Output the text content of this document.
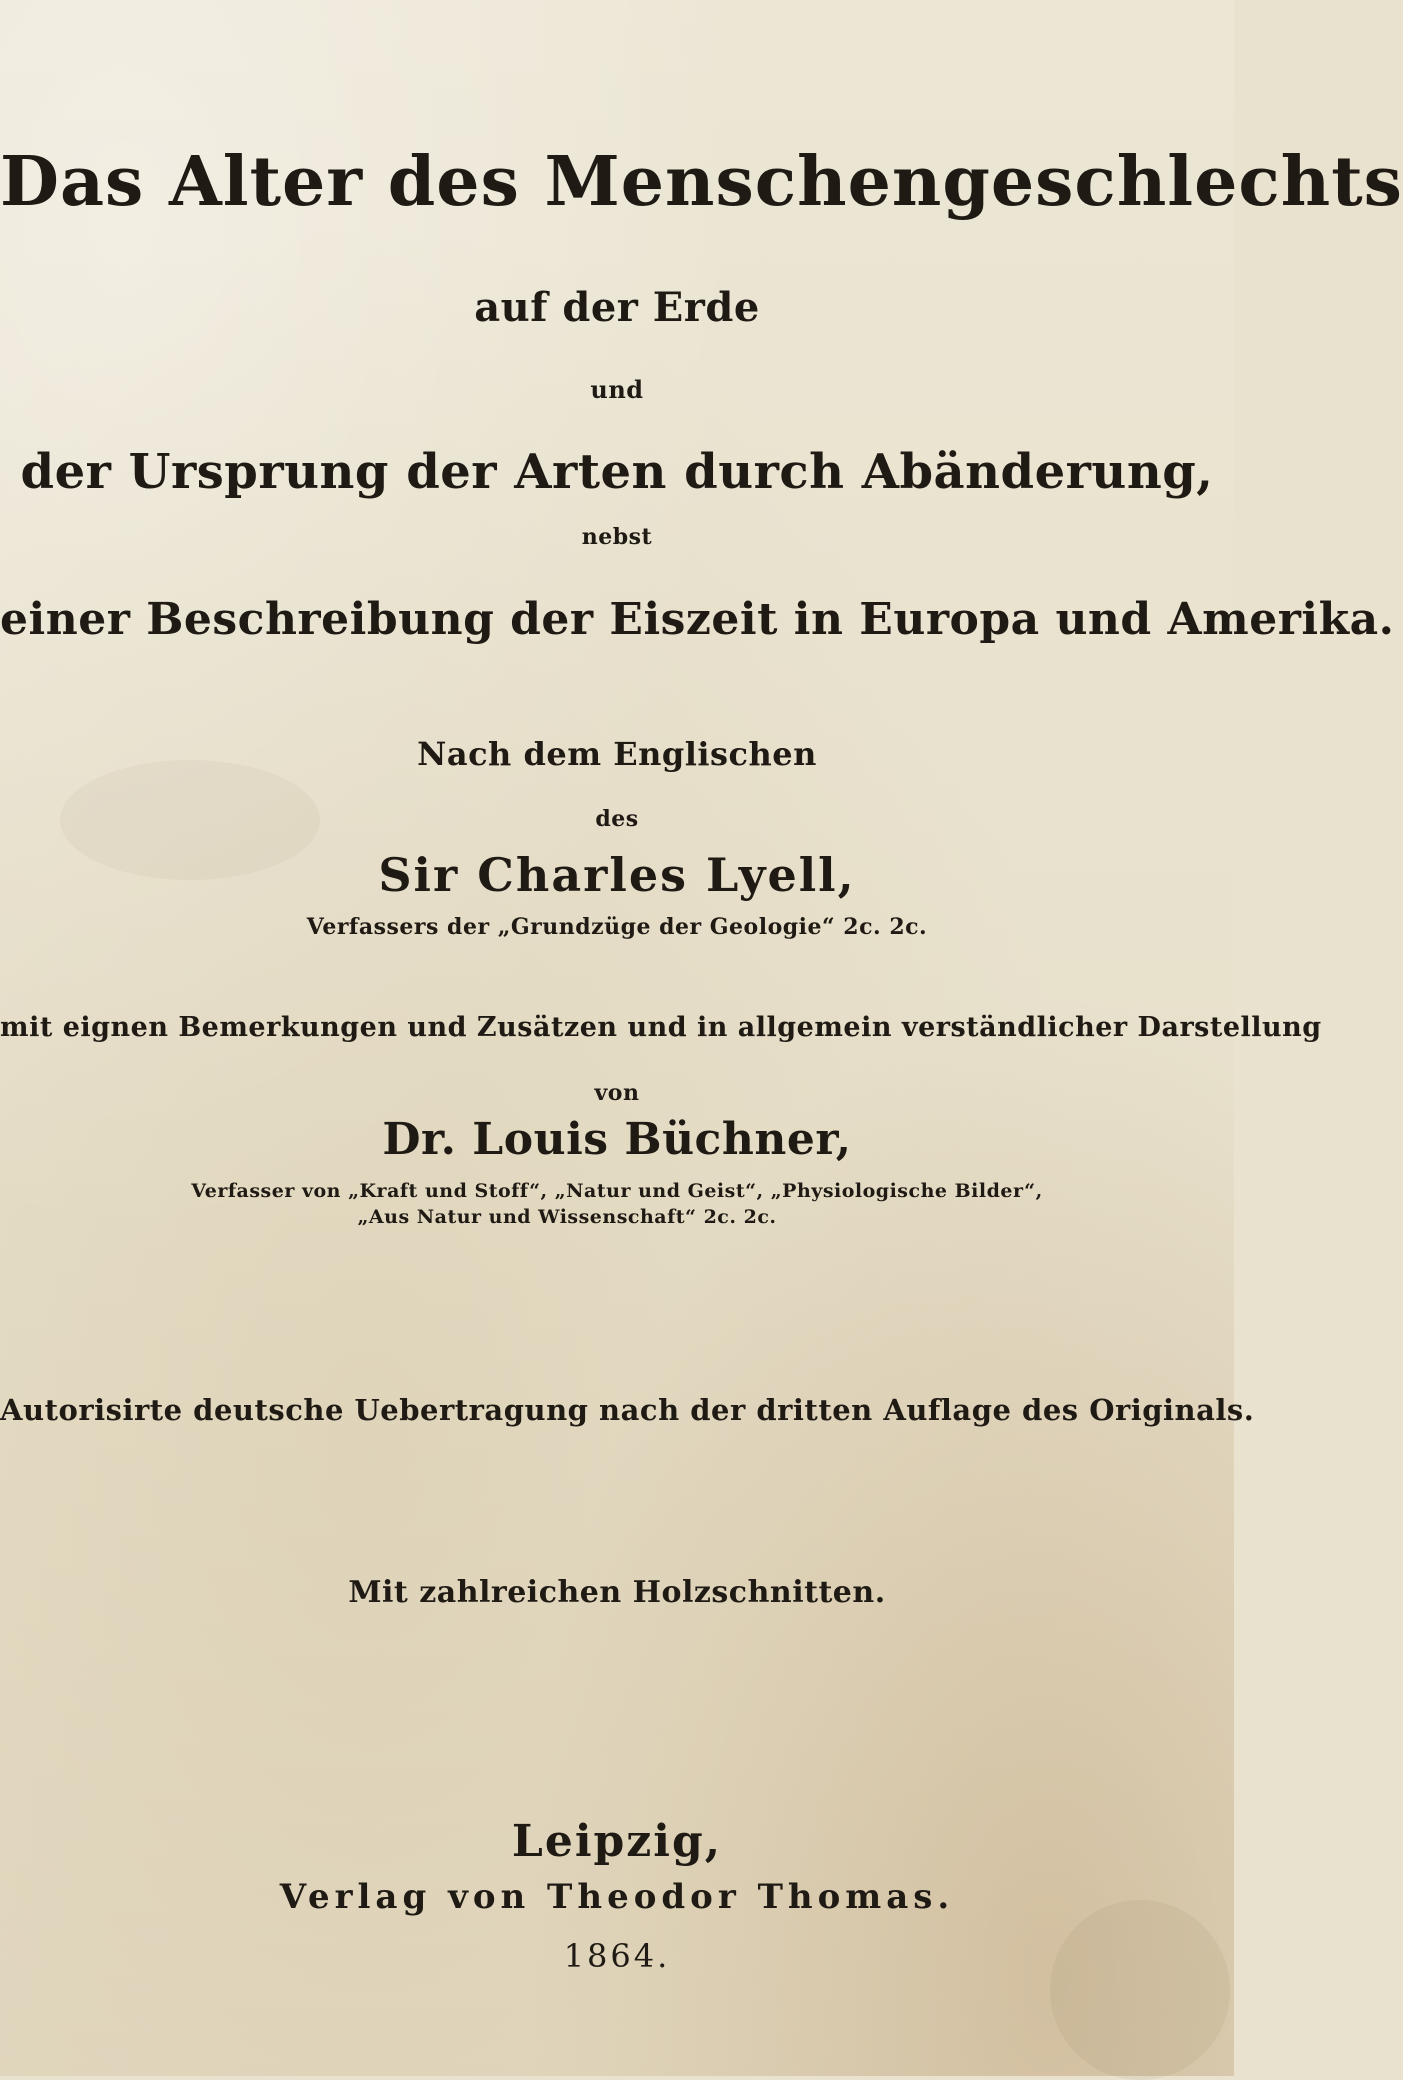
Das Alter des Menschengeschlechts
auf der Erde
und
der Ursprung der Arten durch Abänderung,
nebst
einer Beschreibung der Eiszeit in Europa und Amerika.
Nach dem Englischen
des
Sir Charles Lyell,
Verfassers der „Grundzüge der Geologie“ 2c. 2c.
mit eignen Bemerkungen und Zusätzen und in allgemein verständlicher Darstellung
von
Dr. Louis Büchner,
Verfasser von „Kraft und Stoff“, „Natur und Geist“, „Physiologische Bilder“,
„Aus Natur und Wissenschaft“ 2c. 2c.
Autorisirte deutsche Uebertragung nach der dritten Auflage des Originals.
Mit zahlreichen Holzschnitten.
Leipzig,
Verlag von Theodor Thomas.
1864.
